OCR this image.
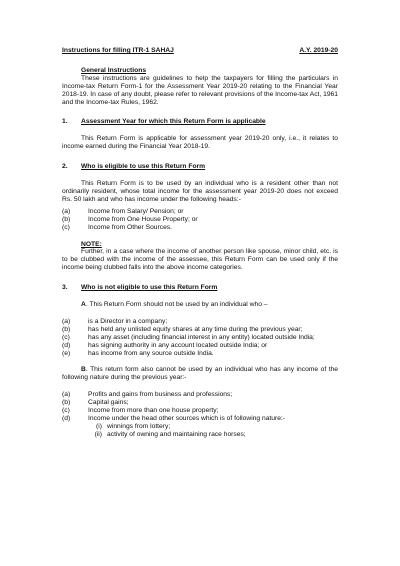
Instructions for filling ITR-1 SAHAJ	A.Y. 2019-20
General Instructions
These instructions are guidelines to help the taxpayers for filling the particulars in Income-tax Return Form-1 for the Assessment Year 2019-20 relating to the Financial Year 2018-19. In case of any doubt, please refer to relevant provisions of the Income-tax Act, 1961 and the Income-tax Rules, 1962.
1.	Assessment Year for which this Return Form is applicable
This Return Form is applicable for assessment year 2019-20 only, i.e., it relates to income earned during the Financial Year 2018-19.
2.	Who is eligible to use this Return Form
This Return Form is to be used by an individual who is a resident other than not ordinarily resident, whose total income for the assessment year 2019-20 does not exceed Rs. 50 lakh and who has income under the following heads:-
(a)	Income from Salary/ Pension; or
(b)	Income from One House Property; or
(c)	Income from Other Sources.
NOTE:
Further, in a case where the income of another person like spouse, minor child, etc. is to be clubbed with the income of the assessee, this Return Form can be used only if the income being clubbed falls into the above income categories.
3.	Who is not eligible to use this Return Form
A. This Return Form should not be used by an individual who –
(a)	is a Director in a company;
(b)	has held any unlisted equity shares at any time during the previous year;
(c)	has any asset (including financial interest in any entity) located outside India;
(d)	has signing authority in any account located outside India; or
(e)	has income from any source outside India.
B. This return form also cannot be used by an individual who has any income of the following nature during the previous year:-
(a)	Profits and gains from business and professions;
(b)	Capital gains;
(c)	Income from more than one house property;
(d)	Income under the head other sources which is of following nature:-
(i) winnings from lottery;
(ii) activity of owning and maintaining race horses;
